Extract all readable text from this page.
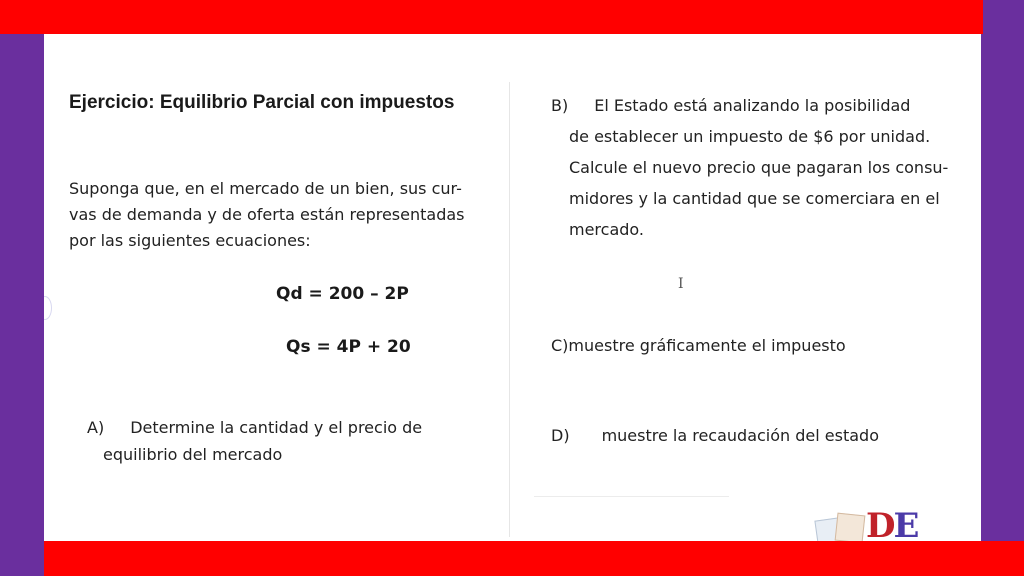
Ejercicio: Equilibrio Parcial con impuestos
Suponga que, en el mercado de un bien, sus cur- vas de demanda y de oferta están representadas por las siguientes ecuaciones:
Qd = 200 – 2P
Qs = 4P + 20
A) Determine la cantidad y el precio de
equilibrio del mercado
B) El Estado está analizando la posibilidad
de establecer un impuesto de $6 por unidad. Calcule el nuevo precio que pagaran los consu- midores y la cantidad que se comerciara en el mercado.
I
C)muestre gráficamente el impuesto
D) muestre la recaudación del estado
DE
